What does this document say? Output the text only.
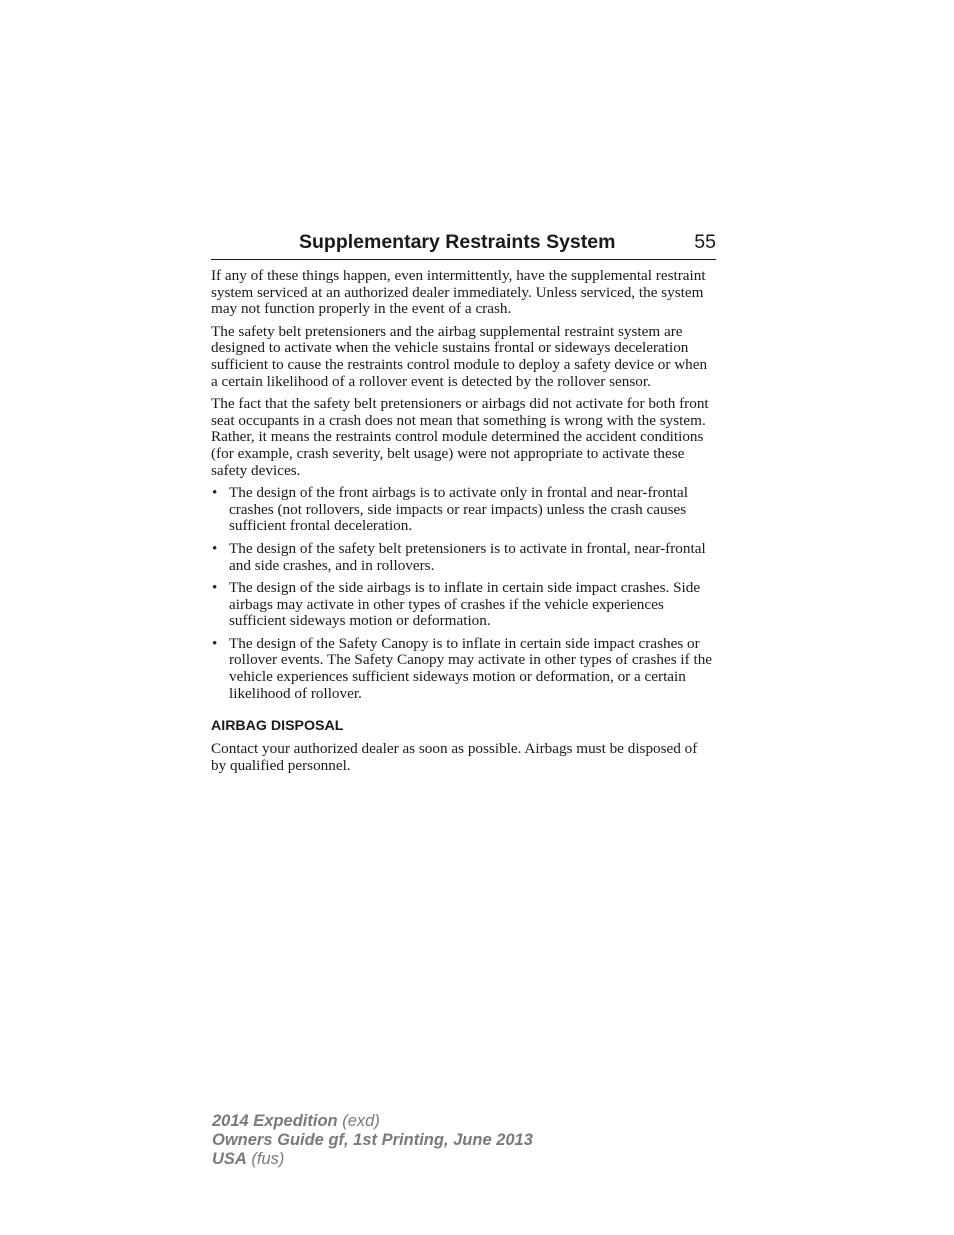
Supplementary Restraints System	55

If any of these things happen, even intermittently, have the supplemental restraint system serviced at an authorized dealer immediately. Unless serviced, the system may not function properly in the event of a crash.

The safety belt pretensioners and the airbag supplemental restraint system are designed to activate when the vehicle sustains frontal or sideways deceleration sufficient to cause the restraints control module to deploy a safety device or when a certain likelihood of a rollover event is detected by the rollover sensor.

The fact that the safety belt pretensioners or airbags did not activate for both front seat occupants in a crash does not mean that something is wrong with the system. Rather, it means the restraints control module determined the accident conditions (for example, crash severity, belt usage) were not appropriate to activate these safety devices.

• The design of the front airbags is to activate only in frontal and near-frontal crashes (not rollovers, side impacts or rear impacts) unless the crash causes sufficient frontal deceleration.
• The design of the safety belt pretensioners is to activate in frontal, near-frontal and side crashes, and in rollovers.
• The design of the side airbags is to inflate in certain side impact crashes. Side airbags may activate in other types of crashes if the vehicle experiences sufficient sideways motion or deformation.
• The design of the Safety Canopy is to inflate in certain side impact crashes or rollover events. The Safety Canopy may activate in other types of crashes if the vehicle experiences sufficient sideways motion or deformation, or a certain likelihood of rollover.
AIRBAG DISPOSAL

Contact your authorized dealer as soon as possible. Airbags must be disposed of by qualified personnel.

2014 Expedition (exd)
Owners Guide gf, 1st Printing, June 2013
USA (fus)
